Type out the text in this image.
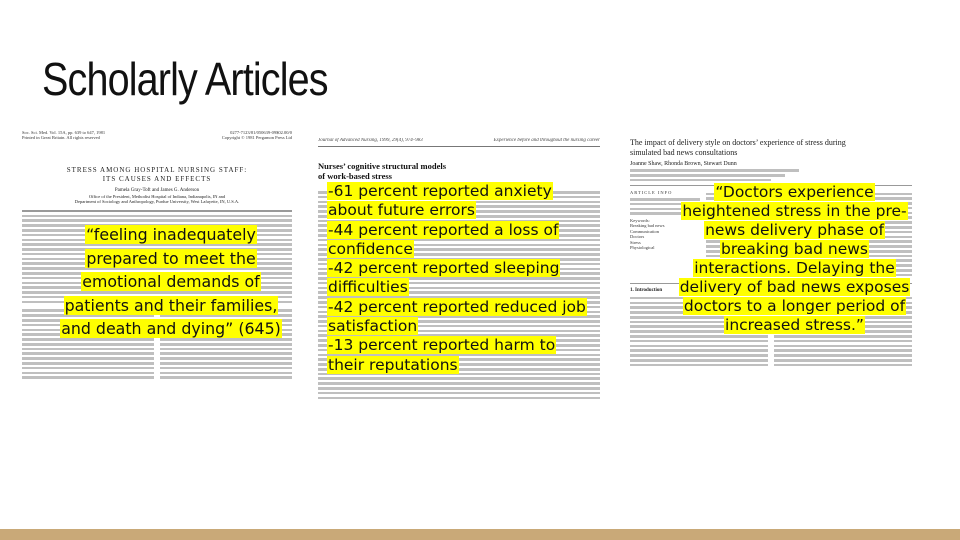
Scholarly Articles
Soc. Sci. Med. Vol. 15A, pp. 639 to 647, 1981
Printed in Great Britain. All rights reserved
0277-7123/81/050639-09$02.00/0
Copyright © 1981 Pergamon Press Ltd
STRESS AMONG HOSPITAL NURSING STAFF:
ITS CAUSES AND EFFECTS
Pamela Gray-Toft and James G. Anderson
Office of the President, Methodist Hospital of Indiana, Indianapolis, IN and
Department of Sociology and Anthropology, Purdue University, West Lafayette, IN, U.S.A.
Journal of Advanced Nursing, 1999, 29(4), 974–983	Experience before and throughout the nursing career
Nurses’ cognitive structural models
of work-based stress
The impact of delivery style on doctors’ experience of stress during
simulated bad news consultations
Joanne Shaw, Rhonda Brown, Stewart Dunn
ARTICLE INFO
Keywords:
Breaking bad news
Communication
Doctors
Stress
Physiological
1. Introduction
“feeling inadequately prepared to meet the emotional demands of patients and their families, and death and dying” (645)
-61 percent reported anxiety about future errors
-44 percent reported a loss of confidence
-42 percent reported sleeping difficulties
-42 percent reported reduced job satisfaction
-13 percent reported harm to their reputations
“Doctors experience heightened stress in the pre-news delivery phase of breaking bad news interactions. Delaying the delivery of bad news exposes doctors to a longer period of increased stress.”
